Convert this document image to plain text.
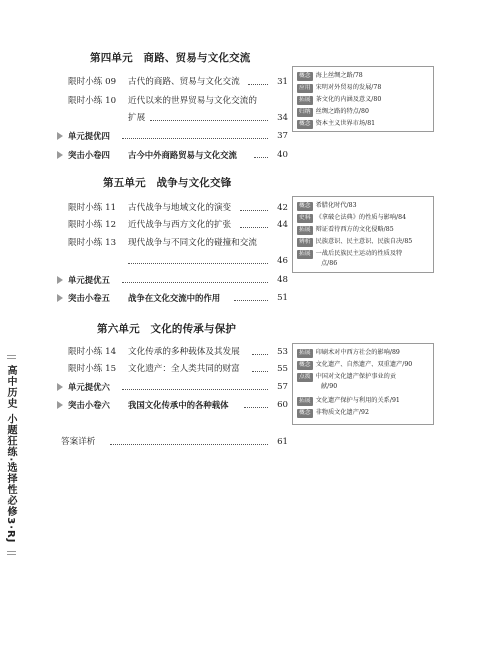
第四单元　商路、贸易与文化交流
限时小练 09 古代的商路、贸易与文化交流	31
限时小练 10 近代以来的世界贸易与文化交流的
扩展	34
单元提优四	37
突击小卷四 古今中外商路贸易与文化交流	40
概念 海上丝绸之路/78
应用 宋明对外贸易的发展/78
拓展 茶文化的内涵及意义/80
归纳 丝绸之路的特点/80
概念 资本主义世界市场/81
第五单元　战争与文化交锋
限时小练 11 古代战争与地域文化的演变	42
限时小练 12 近代战争与西方文化的扩张	44
限时小练 13 现代战争与不同文化的碰撞和交流
46
单元提优五	48
突击小卷五 战争在文化交流中的作用	51
概念 希腊化时代/83
史料 《拿破仑法典》的性质与影响/84
拓展 辩证看待西方的文化侵略/85
辨析 民族意识、民主意识、民族自决/85
拓展 一战后民族民主运动的性质及特
点/86
第六单元　文化的传承与保护
限时小练 14 文化传承的多种载体及其发展	53
限时小练 15 文化遗产：全人类共同的财富	55
单元提优六	57
突击小卷六 我国文化传承中的各种载体	60
拓展 印刷术对中西方社会的影响/89
概念 文化遗产、自然遗产、双重遗产/90
点拨 中国对文化遗产保护事业的贡
献/90
拓展 文化遗产保护与利用的关系/91
概念 非物质文化遗产/92
答案详析	61
高中历史 小题狂练·选择性必修3·RJ
